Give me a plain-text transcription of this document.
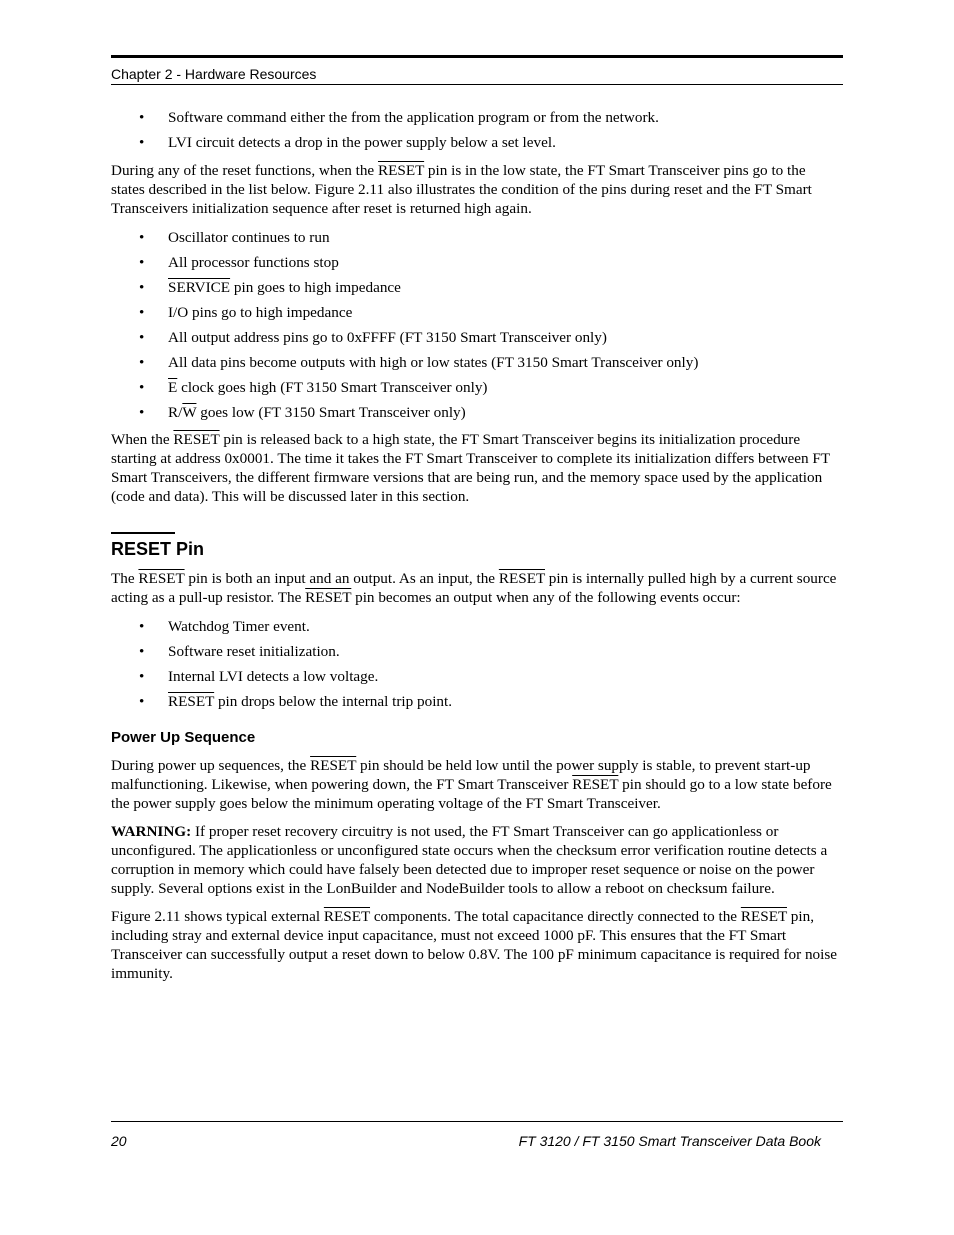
Chapter 2 - Hardware Resources
• Software command either the from the application program or from the network.
• LVI circuit detects a drop in the power supply below a set level.

During any of the reset functions, when the RESET pin is in the low state, the FT Smart Transceiver pins go to the states described in the list below. Figure 2.11 also illustrates the condition of the pins during reset and the FT Smart Transceivers initialization sequence after reset is returned high again.

• Oscillator continues to run
• All processor functions stop
• SERVICE pin goes to high impedance
• I/O pins go to high impedance
• All output address pins go to 0xFFFF (FT 3150 Smart Transceiver only)
• All data pins become outputs with high or low states (FT 3150 Smart Transceiver only)
• $\overline{E}$ clock goes high (FT 3150 Smart Transceiver only)
• $R/\overline{W}$ goes low (FT 3150 Smart Transceiver only)

When the RESET pin is released back to a high state, the FT Smart Transceiver begins its initialization procedure starting at address 0x0001. The time it takes the FT Smart Transceiver to complete its initialization differs between FT Smart Transceivers, the different firmware versions that are being run, and the memory space used by the application (code and data). This will be discussed later in this section.

RESET Pin

The RESET pin is both an input and an output. As an input, the RESET pin is internally pulled high by a current source acting as a pull-up resistor. The RESET pin becomes an output when any of the following events occur:

• Watchdog Timer event.
• Software reset initialization.
• Internal LVI detects a low voltage.
• RESET pin drops below the internal trip point.
Power Up Sequence

During power up sequences, the RESET pin should be held low until the power supply is stable, to prevent start-up malfunctioning. Likewise, when powering down, the FT Smart Transceiver RESET pin should go to a low state before the power supply goes below the minimum operating voltage of the FT Smart Transceiver.

WARNING: If proper reset recovery circuitry is not used, the FT Smart Transceiver can go applicationless or unconfigured. The applicationless or unconfigured state occurs when the checksum error verification routine detects a corruption in memory which could have falsely been detected due to improper reset sequence or noise on the power supply. Several options exist in the LonBuilder and NodeBuilder tools to allow a reboot on checksum failure.

Figure 2.11 shows typical external RESET components. The total capacitance directly connected to the RESET pin, including stray and external device input capacitance, must not exceed 1000 pF. This ensures that the FT Smart Transceiver can successfully output a reset down to below 0.8V. The 100 pF minimum capacitance is required for noise immunity.

20	FT 3120 / FT 3150 Smart Transceiver Data Book
